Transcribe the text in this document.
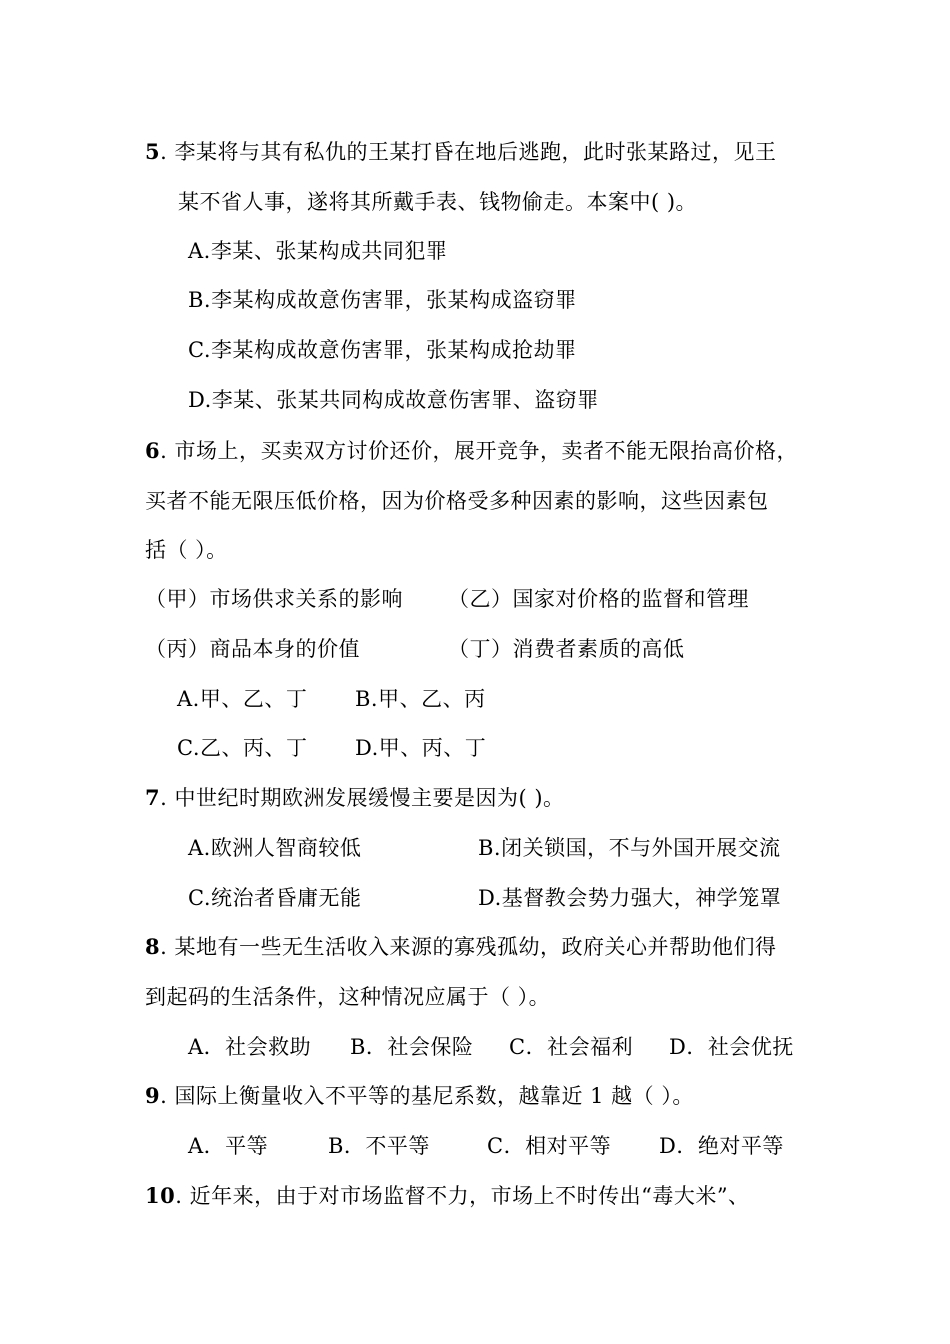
5. 李某将与其有私仇的王某打昏在地后逃跑，此时张某路过，见王
某不省人事，遂将其所戴手表、钱物偷走。本案中( )。
A.李某、张某构成共同犯罪
B.李某构成故意伤害罪，张某构成盗窃罪
C.李某构成故意伤害罪，张某构成抢劫罪
D.李某、张某共同构成故意伤害罪、盗窃罪
6. 市场上，买卖双方讨价还价，展开竞争，卖者不能无限抬高价格，
买者不能无限压低价格，因为价格受多种因素的影响，这些因素包
括（ ）。
（甲）市场供求关系的影响 （乙）国家对价格的监督和管理
（丙）商品本身的价值	（丁）消费者素质的高低
A.甲、乙、丁 B.甲、乙、丙
C.乙、丙、丁 D.甲、丙、丁
7. 中世纪时期欧洲发展缓慢主要是因为( )。
A.欧洲人智商较低	B.闭关锁国，不与外国开展交流
C.统治者昏庸无能	D.基督教会势力强大，神学笼罩
8. 某地有一些无生活收入来源的寡残孤幼，政府关心并帮助他们得
到起码的生活条件，这种情况应属于（ ）。
A．社会救助 B．社会保险 C．社会福利 D．社会优抚
9. 国际上衡量收入不平等的基尼系数，越靠近 1 越（ ）。
A．平等	B．不平等	C．相对平等 D．绝对平等
10. 近年来，由于对市场监督不力，市场上不时传出“毒大米”、
